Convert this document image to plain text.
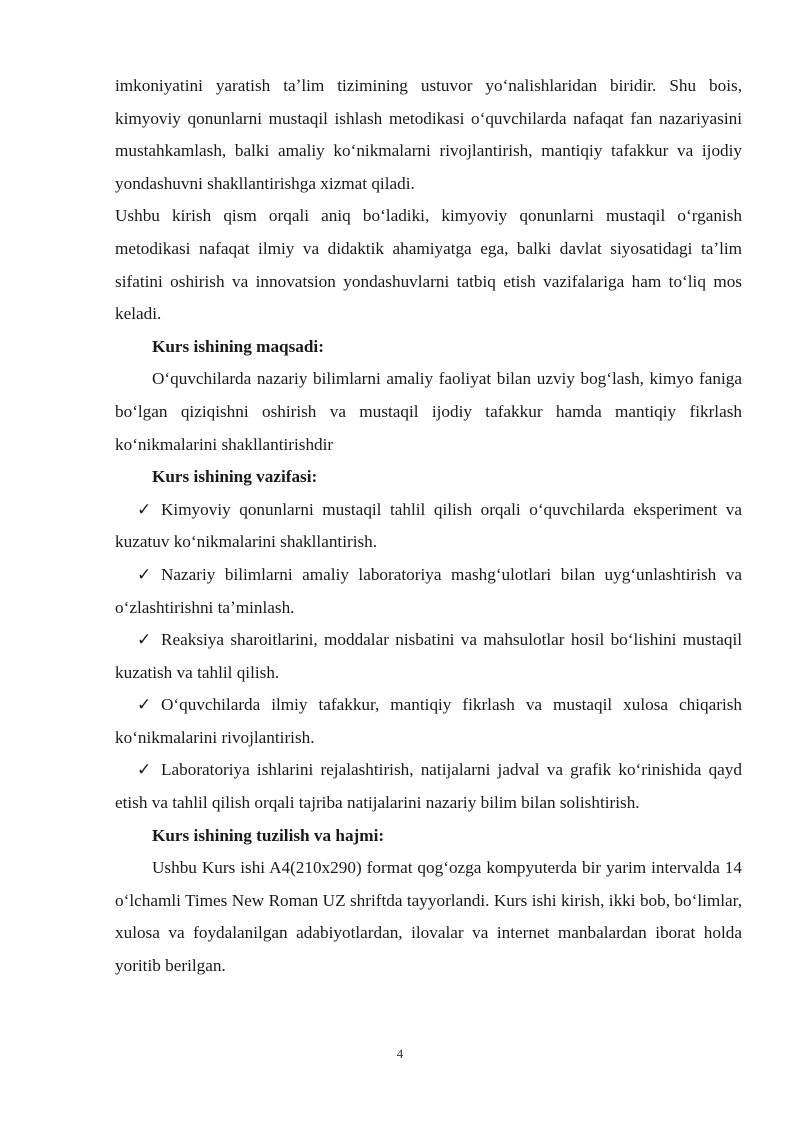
imkoniyatini yaratish taʼlim tizimining ustuvor yoʻnalishlaridan biridir. Shu bois, kimyoviy qonunlarni mustaqil ishlash metodikasi oʻquvchilarda nafaqat fan nazariyasini mustahkamlash, balki amaliy koʻnikmalarni rivojlantirish, mantiqiy tafakkur va ijodiy yondashuvni shakllantirishga xizmat qiladi.

Ushbu kirish qism orqali aniq boʻladiki, kimyoviy qonunlarni mustaqil oʻrganish metodikasi nafaqat ilmiy va didaktik ahamiyatga ega, balki davlat siyosatidagi taʼlim sifatini oshirish va innovatsion yondashuvlarni tatbiq etish vazifalariga ham toʻliq mos keladi.

Kurs ishining maqsadi:

Oʻquvchilarda nazariy bilimlarni amaliy faoliyat bilan uzviy bogʻlash, kimyo faniga boʻlgan qiziqishni oshirish va mustaqil ijodiy tafakkur hamda mantiqiy fikrlash koʻnikmalarini shakllantirishdir

Kurs ishining vazifasi:

✓ Kimyoviy qonunlarni mustaqil tahlil qilish orqali oʻquvchilarda eksperiment va kuzatuv koʻnikmalarini shakllantirish.

✓ Nazariy bilimlarni amaliy laboratoriya mashgʻulotlari bilan uygʻunlashtirish va oʻzlashtirishni taʼminlash.

✓ Reaksiya sharoitlarini, moddalar nisbatini va mahsulotlar hosil boʻlishini mustaqil kuzatish va tahlil qilish.

✓ Oʻquvchilarda ilmiy tafakkur, mantiqiy fikrlash va mustaqil xulosa chiqarish koʻnikmalarini rivojlantirish.

✓ Laboratoriya ishlarini rejalashtirish, natijalarni jadval va grafik koʻrinishida qayd etish va tahlil qilish orqali tajriba natijalarini nazariy bilim bilan solishtirish.

Kurs ishining tuzilish va hajmi:

Ushbu Kurs ishi A4(210x290) format qogʻozga kompyuterda bir yarim intervalda 14 oʻlchamli Times New Roman UZ shriftda tayyorlandi. Kurs ishi kirish, ikki bob, boʻlimlar, xulosa va foydalanilgan adabiyotlardan, ilovalar va internet manbalardan iborat holda yoritib berilgan.

4
